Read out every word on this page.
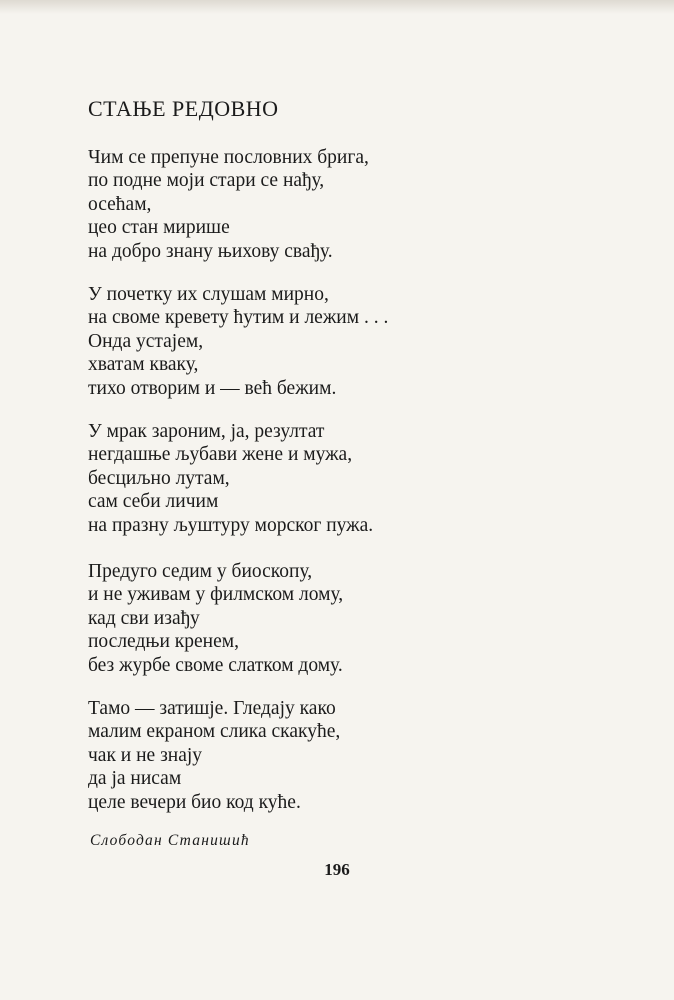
СТАЊЕ РЕДОВНО
Чим се препуне пословних брига,
по подне моји стари се нађу,
осећам,
цео стан мирише
на добро знану њихову свађу.
У почетку их слушам мирно,
на своме кревету ћутим и лежим . . .
Онда устајем,
хватам кваку,
тихо отворим и — већ бежим.
У мрак зароним, ја, резултат
негдашње љубави жене и мужа,
бесциљно лутам,
сам себи личим
на празну љуштуру морског пужа.
Предуго седим у биоскопу,
и не уживам у филмском лому,
кад сви изађу
последњи кренем,
без журбе своме слатком дому.
Тамо — затишје. Гледају како
малим екраном слика скакуће,
чак и не знају
да ја нисам
целе вечери био код куће.

Слободан Станишић

196
